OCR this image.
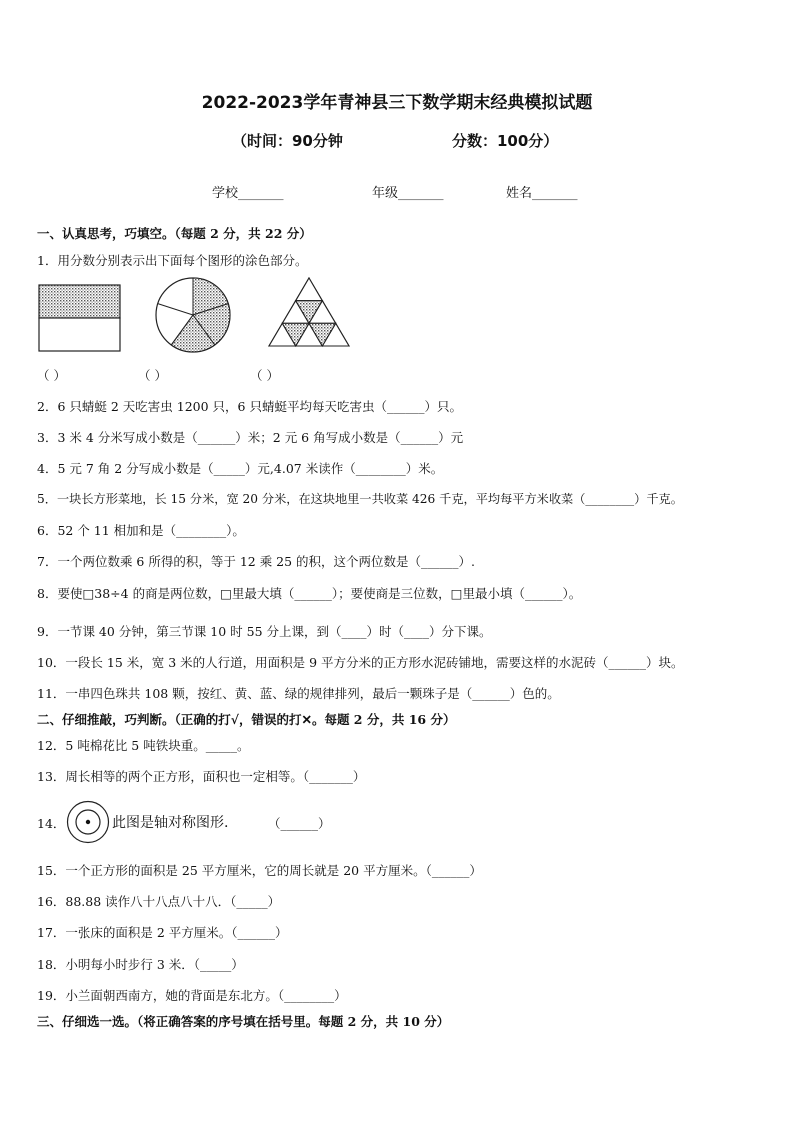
2022-2023学年青神县三下数学期末经典模拟试题
（时间：90分钟	分数：100分）
学校_______	年级_______	姓名_______
一、认真思考，巧填空。（每题 2 分，共 22 分）
1．用分数分别表示出下面每个图形的涂色部分。
（ ）	（ ）	（ ）
2．6 只蜻蜓 2 天吃害虫 1200 只，6 只蜻蜓平均每天吃害虫（______）只。
3．3 米 4 分米写成小数是（______）米；2 元 6 角写成小数是（______）元
4．5 元 7 角 2 分写成小数是（_____）元,4.07 米读作（________）米。
5．一块长方形菜地，长 15 分米，宽 20 分米，在这块地里一共收菜 426 千克，平均每平方米收菜（________）千克。
6．52 个 11 相加和是（________）。
7．一个两位数乘 6 所得的积，等于 12 乘 25 的积，这个两位数是（______）.
8．要使□38÷4 的商是两位数，□里最大填（______）；要使商是三位数，□里最小填（______）。
9．一节课 40 分钟，第三节课 10 时 55 分上课，到（____）时（____）分下课。
10．一段长 15 米，宽 3 米的人行道，用面积是 9 平方分米的正方形水泥砖铺地，需要这样的水泥砖（______）块。
11．一串四色珠共 108 颗，按红、黄、蓝、绿的规律排列，最后一颗珠子是（______）色的。
二、仔细推敲，巧判断。（正确的打√，错误的打✕。每题 2 分，共 16 分）
12．5 吨棉花比 5 吨铁块重。_____。
13．周长相等的两个正方形，面积也一定相等。（_______）
14．	此图是轴对称图形.	（______）
15．一个正方形的面积是 25 平方厘米，它的周长就是 20 平方厘米。（______）
16．88.88 读作八十八点八十八．（_____）
17．一张床的面积是 2 平方厘米。（______）
18．小明每小时步行 3 米．（_____）
19．小兰面朝西南方，她的背面是东北方。（________）
三、仔细选一选。（将正确答案的序号填在括号里。每题 2 分，共 10 分）
